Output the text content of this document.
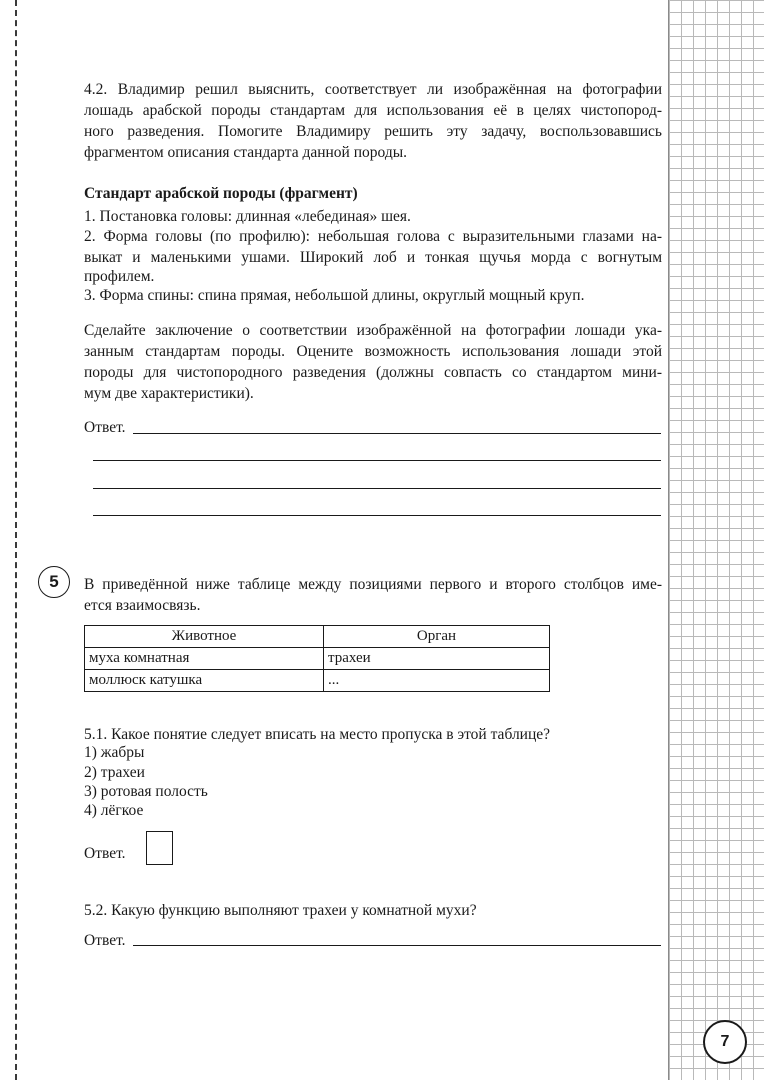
4.2. Владимир решил выяснить, соответствует ли изображённая на фотографии

лошадь арабской породы стандартам для использования её в целях чистопород-

ного разведения. Помогите Владимиру решить эту задачу, воспользовавшись

фрагментом описания стандарта данной породы.

Стандарт арабской породы (фрагмент)

1. Постановка головы: длинная «лебединая» шея.

2. Форма головы (по профилю): небольшая голова с выразительными глазами на-

выкат и маленькими ушами. Широкий лоб и тонкая щучья морда с вогнутым

профилем.

3. Форма спины: спина прямая, небольшой длины, округлый мощный круп.

Сделайте заключение о соответствии изображённой на фотографии лошади ука-

занным стандартам породы. Оцените возможность использования лошади этой

породы для чистопородного разведения (должны совпасть со стандартом мини-

мум две характеристики).

Ответ.

5	В приведённой ниже таблице между позициями первого и второго столбцов име-

ется взаимосвязь.

Животное	Орган
муха комнатная	трахеи
моллюск катушка	...

5.1. Какое понятие следует вписать на место пропуска в этой таблице?

1) жабры

2) трахеи

3) ротовая полость

4) лёгкое

Ответ.

5.2. Какую функцию выполняют трахеи у комнатной мухи?

Ответ.

7
